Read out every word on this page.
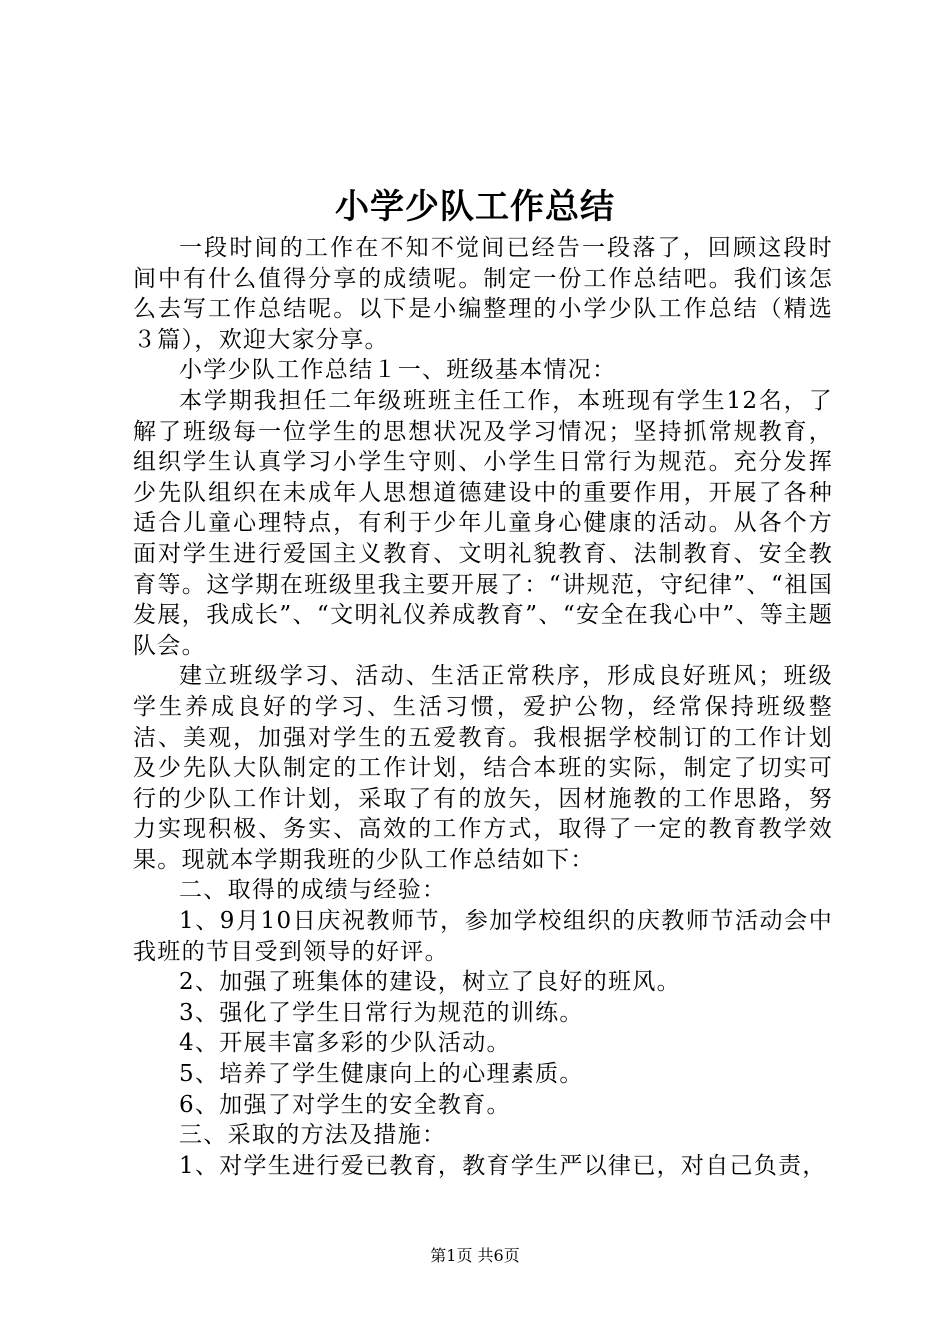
小学少队工作总结

一段时间的工作在不知不觉间已经告一段落了，回顾这段时间中有什么值得分享的成绩呢。制定一份工作总结吧。我们该怎么去写工作总结呢。以下是小编整理的小学少队工作总结（精选３篇），欢迎大家分享。

小学少队工作总结１一、班级基本情况：

本学期我担任二年级班班主任工作，本班现有学生12名，了解了班级每一位学生的思想状况及学习情况；坚持抓常规教育，组织学生认真学习小学生守则、小学生日常行为规范。充分发挥少先队组织在未成年人思想道德建设中的重要作用，开展了各种适合儿童心理特点，有利于少年儿童身心健康的活动。从各个方面对学生进行爱国主义教育、文明礼貌教育、法制教育、安全教育等。这学期在班级里我主要开展了：“讲规范，守纪律”、“祖国发展，我成长”、“文明礼仪养成教育”、“安全在我心中”、等主题队会。

建立班级学习、活动、生活正常秩序，形成良好班风；班级学生养成良好的学习、生活习惯，爱护公物，经常保持班级整洁、美观，加强对学生的五爱教育。我根据学校制订的工作计划及少先队大队制定的工作计划，结合本班的实际，制定了切实可行的少队工作计划，采取了有的放矢，因材施教的工作思路，努力实现积极、务实、高效的工作方式，取得了一定的教育教学效果。现就本学期我班的少队工作总结如下：

二、取得的成绩与经验：

1、9月10日庆祝教师节，参加学校组织的庆教师节活动会中我班的节目受到领导的好评。

2、加强了班集体的建设，树立了良好的班风。

3、强化了学生日常行为规范的训练。

4、开展丰富多彩的少队活动。

5、培养了学生健康向上的心理素质。

6、加强了对学生的安全教育。

三、采取的方法及措施：

1、对学生进行爱已教育，教育学生严以律已，对自己负责，

第1页 共6页
